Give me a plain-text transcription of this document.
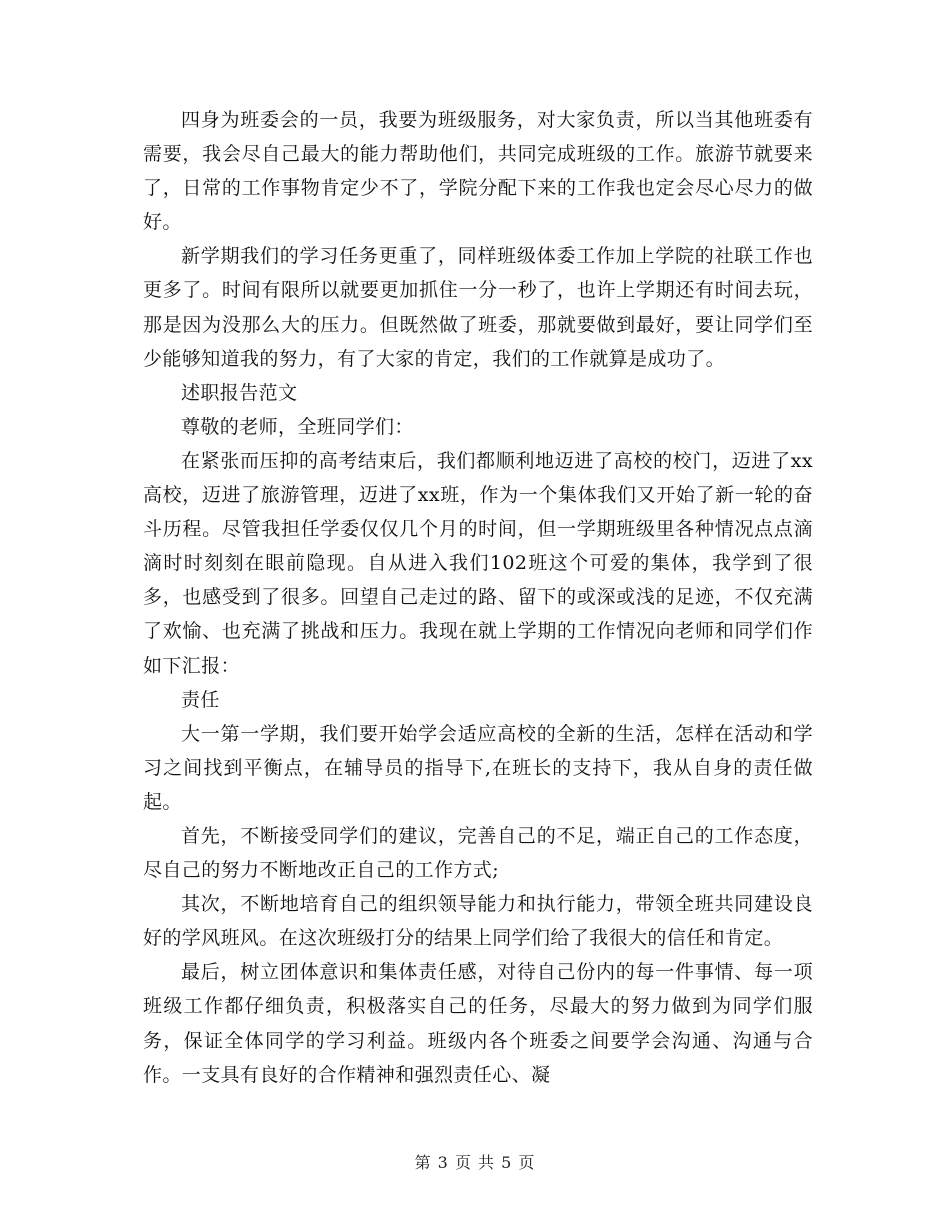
四身为班委会的一员，我要为班级服务，对大家负责，所以当其他班委有需要，我会尽自己最大的能力帮助他们，共同完成班级的工作。旅游节就要来了，日常的工作事物肯定少不了，学院分配下来的工作我也定会尽心尽力的做好。

新学期我们的学习任务更重了，同样班级体委工作加上学院的社联工作也更多了。时间有限所以就要更加抓住一分一秒了，也许上学期还有时间去玩，那是因为没那么大的压力。但既然做了班委，那就要做到最好，要让同学们至少能够知道我的努力，有了大家的肯定，我们的工作就算是成功了。

述职报告范文

尊敬的老师，全班同学们：

在紧张而压抑的高考结束后，我们都顺利地迈进了高校的校门，迈进了xx高校，迈进了旅游管理，迈进了xx班，作为一个集体我们又开始了新一轮的奋斗历程。尽管我担任学委仅仅几个月的时间，但一学期班级里各种情况点点滴滴时时刻刻在眼前隐现。自从进入我们102班这个可爱的集体，我学到了很多，也感受到了很多。回望自己走过的路、留下的或深或浅的足迹，不仅充满了欢愉、也充满了挑战和压力。我现在就上学期的工作情况向老师和同学们作如下汇报：

责任

大一第一学期，我们要开始学会适应高校的全新的生活，怎样在活动和学习之间找到平衡点，在辅导员的指导下,在班长的支持下，我从自身的责任做起。

首先，不断接受同学们的建议，完善自己的不足，端正自己的工作态度，尽自己的努力不断地改正自己的工作方式;

其次，不断地培育自己的组织领导能力和执行能力，带领全班共同建设良好的学风班风。在这次班级打分的结果上同学们给了我很大的信任和肯定。

最后，树立团体意识和集体责任感，对待自己份内的每一件事情、每一项班级工作都仔细负责，积极落实自己的任务，尽最大的努力做到为同学们服务，保证全体同学的学习利益。班级内各个班委之间要学会沟通、沟通与合作。一支具有良好的合作精神和强烈责任心、凝

第 3 页 共 5 页
